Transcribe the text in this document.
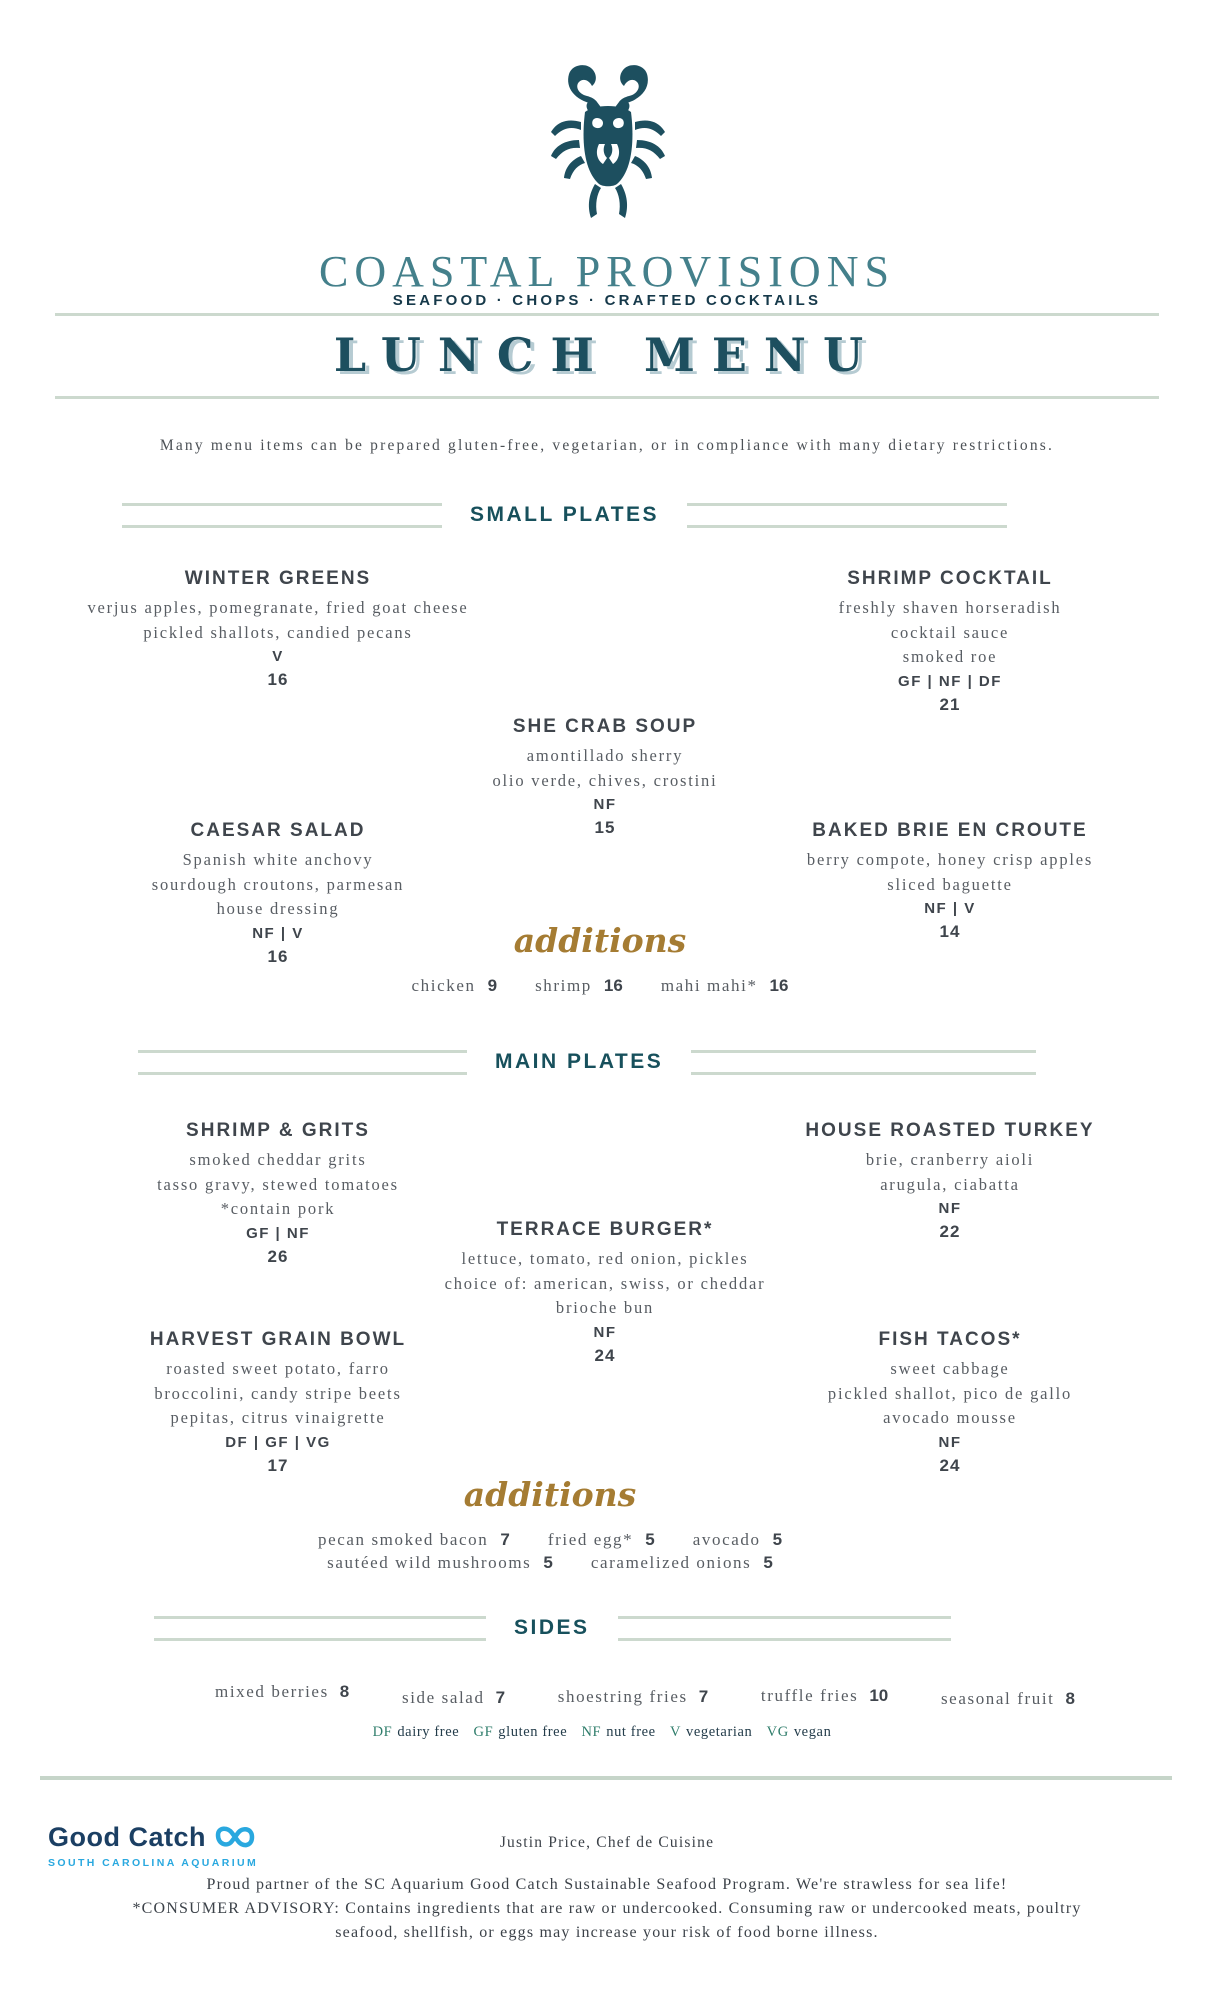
COASTAL PROVISIONS
SEAFOOD · CHOPS · CRAFTED COCKTAILS
LUNCH MENU
Many menu items can be prepared gluten-free, vegetarian, or in compliance with many dietary restrictions.
SMALL PLATES
WINTER GREENS
verjus apples, pomegranate, fried goat cheese
pickled shallots, candied pecans
V
16
SHRIMP COCKTAIL
freshly shaven horseradish
cocktail sauce
smoked roe
GF | NF | DF
21
SHE CRAB SOUP
amontillado sherry
olio verde, chives, crostini
NF
15
CAESAR SALAD
Spanish white anchovy
sourdough croutons, parmesan
house dressing
NF | V
16
BAKED BRIE EN CROUTE
berry compote, honey crisp apples
sliced baguette
NF | V
14
additions
chicken 9 shrimp 16 mahi mahi* 16
MAIN PLATES
SHRIMP & GRITS
smoked cheddar grits
tasso gravy, stewed tomatoes
*contain pork
GF | NF
26
HOUSE ROASTED TURKEY
brie, cranberry aioli
arugula, ciabatta
NF
22
TERRACE BURGER*
lettuce, tomato, red onion, pickles
choice of: american, swiss, or cheddar
brioche bun
NF
24
HARVEST GRAIN BOWL
roasted sweet potato, farro
broccolini, candy stripe beets
pepitas, citrus vinaigrette
DF | GF | VG
17
FISH TACOS*
sweet cabbage
pickled shallot, pico de gallo
avocado mousse
NF
24
additions
pecan smoked bacon 7 fried egg* 5 avocado 5
sautéed wild mushrooms 5 caramelized onions 5
SIDES
mixed berries 8	side salad 7	shoestring fries 7	truffle fries 10	seasonal fruit 8
DF dairy free GF gluten free NF nut free V vegetarian VG vegan
Good Catch
SOUTH CAROLINA AQUARIUM
Justin Price, Chef de Cuisine
Proud partner of the SC Aquarium Good Catch Sustainable Seafood Program. We're strawless for sea life!
*CONSUMER ADVISORY: Contains ingredients that are raw or undercooked. Consuming raw or undercooked meats, poultry
seafood, shellfish, or eggs may increase your risk of food borne illness.
